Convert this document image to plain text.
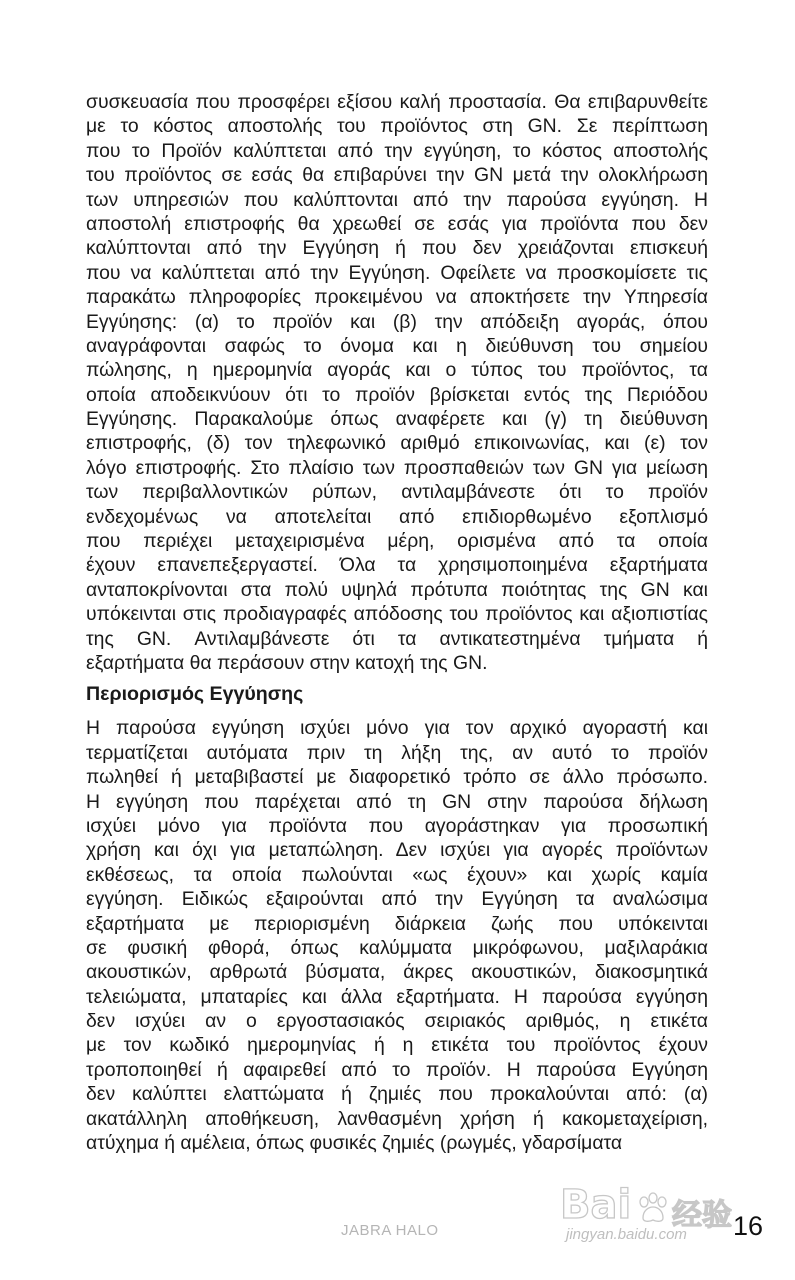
συσκευασία που προσφέρει εξίσου καλή προστασία. Θα επιβαρυνθείτε
με το κόστος αποστολής του προϊόντος στη GN. Σε περίπτωση
που το Προϊόν καλύπτεται από την εγγύηση, το κόστος αποστολής
του προϊόντος σε εσάς θα επιβαρύνει την GN μετά την ολοκλήρωση
των υπηρεσιών που καλύπτονται από την παρούσα εγγύηση. Η
αποστολή επιστροφής θα χρεωθεί σε εσάς για προϊόντα που δεν
καλύπτονται από την Εγγύηση ή που δεν χρειάζονται επισκευή
που να καλύπτεται από την Εγγύηση. Οφείλετε να προσκομίσετε τις
παρακάτω πληροφορίες προκειμένου να αποκτήσετε την Υπηρεσία
Εγγύησης: (α) το προϊόν και (β) την απόδειξη αγοράς, όπου
αναγράφονται σαφώς το όνομα και η διεύθυνση του σημείου
πώλησης, η ημερομηνία αγοράς και ο τύπος του προϊόντος, τα
οποία αποδεικνύουν ότι το προϊόν βρίσκεται εντός της Περιόδου
Εγγύησης. Παρακαλούμε όπως αναφέρετε και (γ) τη διεύθυνση
επιστροφής, (δ) τον τηλεφωνικό αριθμό επικοινωνίας, και (ε) τον
λόγο επιστροφής. Στο πλαίσιο των προσπαθειών των GN για μείωση
των περιβαλλοντικών ρύπων, αντιλαμβάνεστε ότι το προϊόν
ενδεχομένως να αποτελείται από επιδιορθωμένο εξοπλισμό
που περιέχει μεταχειρισμένα μέρη, ορισμένα από τα οποία
έχουν επανεπεξεργαστεί. Όλα τα χρησιμοποιημένα εξαρτήματα
ανταποκρίνονται στα πολύ υψηλά πρότυπα ποιότητας της GN και
υπόκεινται στις προδιαγραφές απόδοσης του προϊόντος και αξιοπιστίας
της GN. Αντιλαμβάνεστε ότι τα αντικατεστημένα τμήματα ή
εξαρτήματα θα περάσουν στην κατοχή της GN.
Περιορισμός Εγγύησης
Η παρούσα εγγύηση ισχύει μόνο για τον αρχικό αγοραστή και
τερματίζεται αυτόματα πριν τη λήξη της, αν αυτό το προϊόν
πωληθεί ή μεταβιβαστεί με διαφορετικό τρόπο σε άλλο πρόσωπο.
Η εγγύηση που παρέχεται από τη GN στην παρούσα δήλωση
ισχύει μόνο για προϊόντα που αγοράστηκαν για προσωπική
χρήση και όχι για μεταπώληση. Δεν ισχύει για αγορές προϊόντων
εκθέσεως, τα οποία πωλούνται «ως έχουν» και χωρίς καμία
εγγύηση. Ειδικώς εξαιρούνται από την Εγγύηση τα αναλώσιμα
εξαρτήματα με περιορισμένη διάρκεια ζωής που υπόκεινται
σε φυσική φθορά, όπως καλύμματα μικρόφωνου, μαξιλαράκια
ακουστικών, αρθρωτά βύσματα, άκρες ακουστικών, διακοσμητικά
τελειώματα, μπαταρίες και άλλα εξαρτήματα. Η παρούσα εγγύηση
δεν ισχύει αν ο εργοστασιακός σειριακός αριθμός, η ετικέτα
με τον κωδικό ημερομηνίας ή η ετικέτα του προϊόντος έχουν
τροποποιηθεί ή αφαιρεθεί από το προϊόν. Η παρούσα Εγγύηση
δεν καλύπτει ελαττώματα ή ζημιές που προκαλούνται από: (α)
ακατάλληλη αποθήκευση, λανθασμένη χρήση ή κακομεταχείριση,
ατύχημα ή αμέλεια, όπως φυσικές ζημιές (ρωγμές, γδαρσίματα
JABRA HALO	16
Bai 经验
jingyan.baidu.com
